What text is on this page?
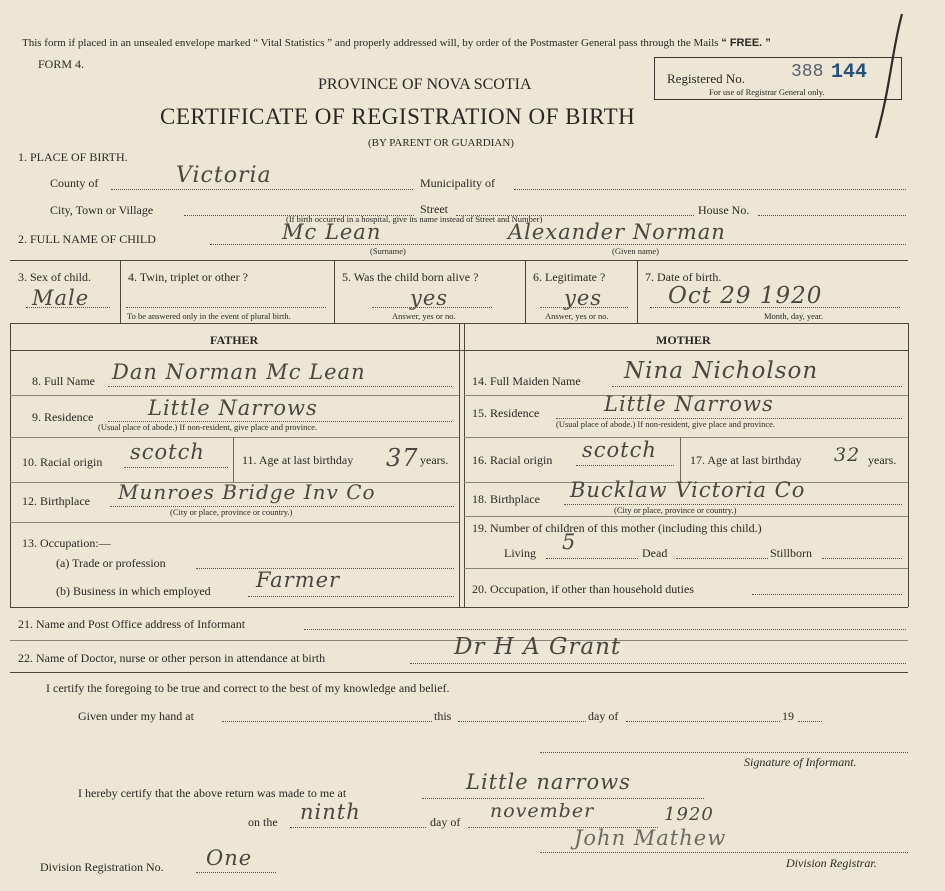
This form if placed in an unsealed envelope marked “ Vital Statistics ” and properly addressed will, by order of the Postmaster General pass through the Mails “ FREE. ”
FORM 4.
Registered No.	388 144
For use of Registrar General only.
PROVINCE OF NOVA SCOTIA
CERTIFICATE OF REGISTRATION OF BIRTH
(BY PARENT OR GUARDIAN)
1. PLACE OF BIRTH.
County of	Victoria	Municipality of
City, Town or Village	Street	House No.
(If birth occurred in a hospital, give its name instead of Street and Number)
2. FULL NAME OF CHILD	Mc Lean	Alexander Norman
(Surname)	(Given name)
3. Sex of child.
Male
4. Twin, triplet or other ?
To be answered only in the event of plural birth.
5. Was the child born alive ?
yes
Answer, yes or no.
6. Legitimate ?
yes
Answer, yes or no.
7. Date of birth.
Oct 29 1920
Month, day, year.
FATHER	MOTHER
8. Full Name Dan Norman Mc Lean
9. Residence	Little Narrows
(Usual place of abode.) If non-resident, give place and province.
10. Racial origin scotch	11. Age at last birthday 37 years.
12. Birthplace Munroes Bridge Inv Co
(City or place, province or country.)
13. Occupation:—
(a) Trade or profession
(b) Business in which employed Farmer
14. Full Maiden Name Nina Nicholson
15. Residence	Little Narrows
(Usual place of abode.) If non-resident, give place and province.
16. Racial origin scotch	17. Age at last birthday 32 years.
18. Birthplace Bucklaw Victoria Co
(City or place, province or country.)
19. Number of children of this mother (including this child.)
Living 5	Dead	Stillborn
20. Occupation, if other than household duties
21. Name and Post Office address of Informant
22. Name of Doctor, nurse or other person in attendance at birth	Dr H A Grant
I certify the foregoing to be true and correct to the best of my knowledge and belief.
Given under my hand at	this	day of	19
Signature of Informant.
I hereby certify that the above return was made to me at	Little narrows
on the ninth	day of november	1920
John Mathew
Division Registrar.
Division Registration No. One
